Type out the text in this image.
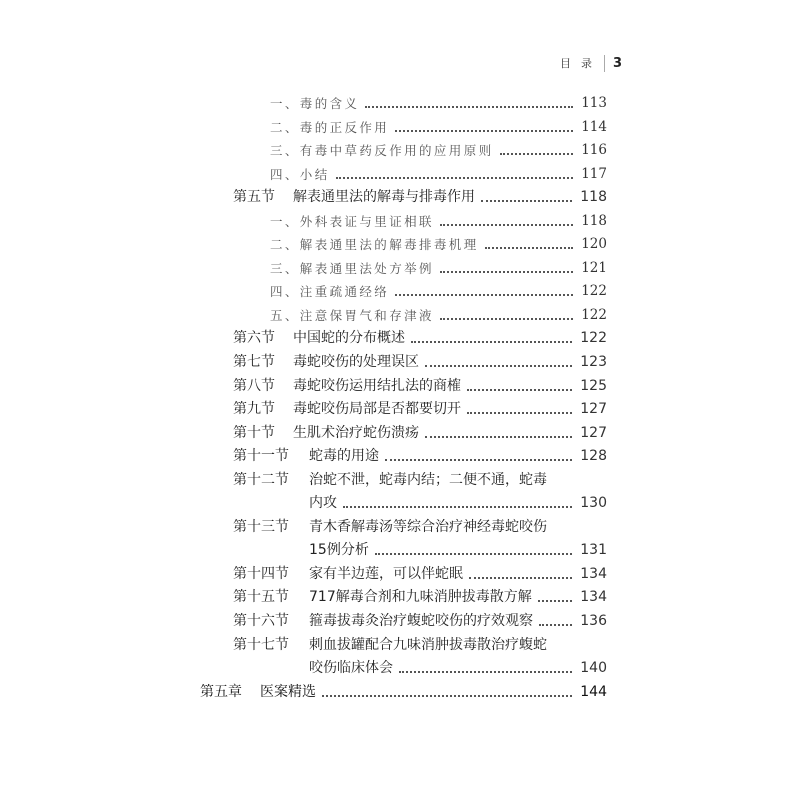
目录 3
一、毒的含义	113
二、毒的正反作用	114
三、有毒中草药反作用的应用原则	116
四、小结	117
第五节 解表通里法的解毒与排毒作用	118
一、外科表证与里证相联	118
二、解表通里法的解毒排毒机理	120
三、解表通里法处方举例	121
四、注重疏通经络	122
五、注意保胃气和存津液	122
第六节 中国蛇的分布概述	122
第七节 毒蛇咬伤的处理误区	123
第八节 毒蛇咬伤运用结扎法的商榷	125
第九节 毒蛇咬伤局部是否都要切开	127
第十节 生肌术治疗蛇伤溃疡	127
第十一节 蛇毒的用途	128
第十二节 治蛇不泄，蛇毒内结；二便不通，蛇毒
内攻	130
第十三节 青木香解毒汤等综合治疗神经毒蛇咬伤
15例分析	131
第十四节 家有半边莲，可以伴蛇眠	134
第十五节 717解毒合剂和九味消肿拔毒散方解	134
第十六节 箍毒拔毒灸治疗蝮蛇咬伤的疗效观察	136
第十七节 刺血拔罐配合九味消肿拔毒散治疗蝮蛇
咬伤临床体会	140
第五章 医案精选	144
